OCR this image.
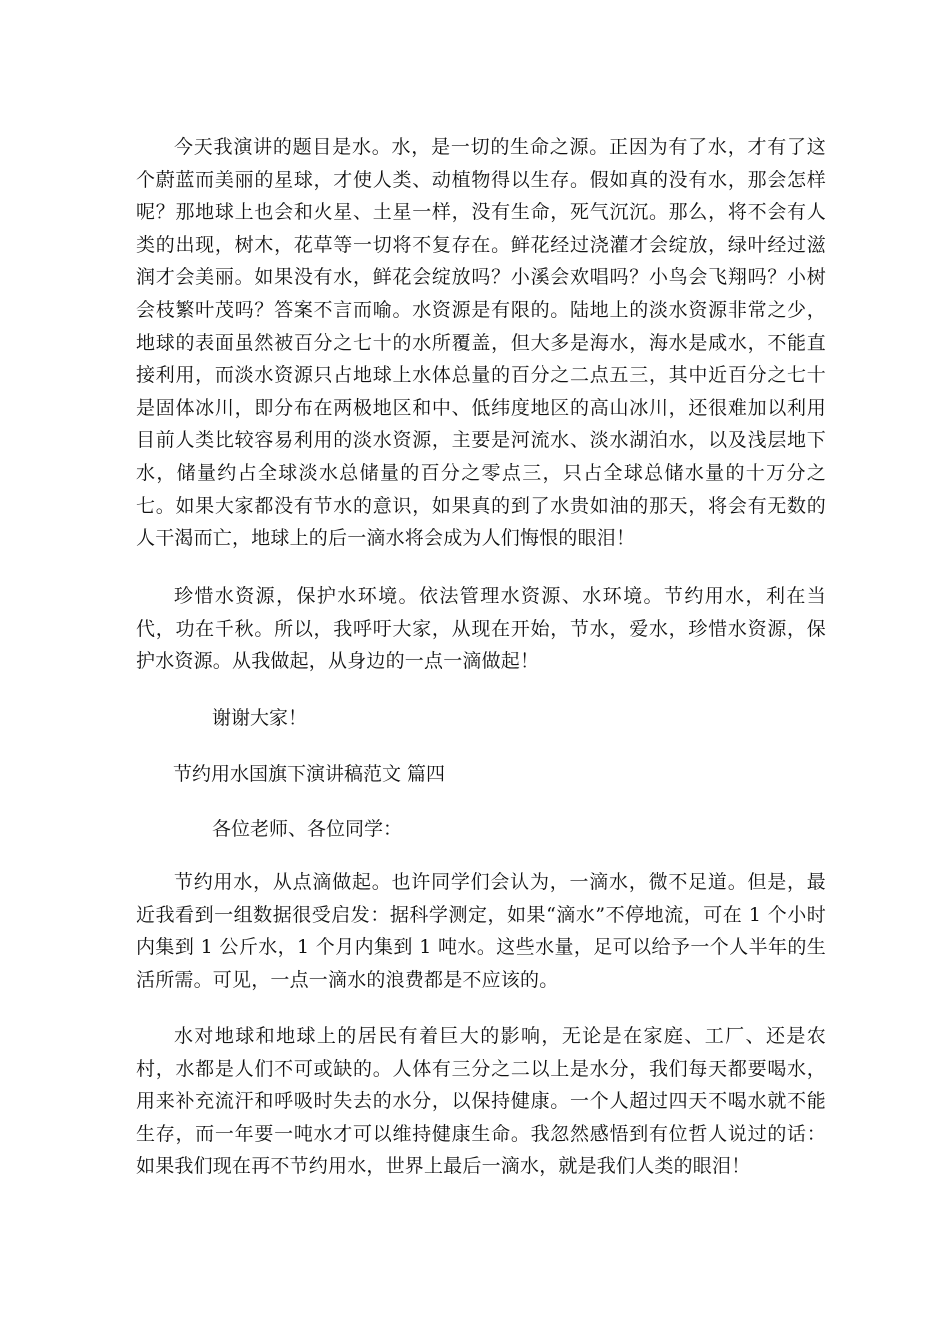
今天我演讲的题目是水。水，是一切的生命之源。正因为有了水，才有了这个蔚蓝而美丽的星球，才使人类、动植物得以生存。假如真的没有水，那会怎样呢？那地球上也会和火星、土星一样，没有生命，死气沉沉。那么，将不会有人类的出现，树木，花草等一切将不复存在。鲜花经过浇灌才会绽放，绿叶经过滋润才会美丽。如果没有水，鲜花会绽放吗？小溪会欢唱吗？小鸟会飞翔吗？小树会枝繁叶茂吗？答案不言而喻。水资源是有限的。陆地上的淡水资源非常之少，地球的表面虽然被百分之七十的水所覆盖，但大多是海水，海水是咸水，不能直接利用，而淡水资源只占地球上水体总量的百分之二点五三，其中近百分之七十是固体冰川，即分布在两极地区和中、低纬度地区的高山冰川，还很难加以利用目前人类比较容易利用的淡水资源，主要是河流水、淡水湖泊水，以及浅层地下水，储量约占全球淡水总储量的百分之零点三，只占全球总储水量的十万分之七。如果大家都没有节水的意识，如果真的到了水贵如油的那天，将会有无数的人干渴而亡，地球上的后一滴水将会成为人们悔恨的眼泪！

珍惜水资源，保护水环境。依法管理水资源、水环境。节约用水，利在当代，功在千秋。所以，我呼吁大家，从现在开始，节水，爱水，珍惜水资源，保护水资源。从我做起，从身边的一点一滴做起！

谢谢大家！

节约用水国旗下演讲稿范文 篇四

各位老师、各位同学：

节约用水，从点滴做起。也许同学们会认为，一滴水，微不足道。但是，最近我看到一组数据很受启发：据科学测定，如果“滴水”不停地流，可在 1 个小时内集到 1 公斤水，1 个月内集到 1 吨水。这些水量，足可以给予一个人半年的生活所需。可见，一点一滴水的浪费都是不应该的。

水对地球和地球上的居民有着巨大的影响，无论是在家庭、工厂、还是农村，水都是人们不可或缺的。人体有三分之二以上是水分，我们每天都要喝水，用来补充流汗和呼吸时失去的水分，以保持健康。一个人超过四天不喝水就不能生存，而一年要一吨水才可以维持健康生命。我忽然感悟到有位哲人说过的话：如果我们现在再不节约用水，世界上最后一滴水，就是我们人类的眼泪！
